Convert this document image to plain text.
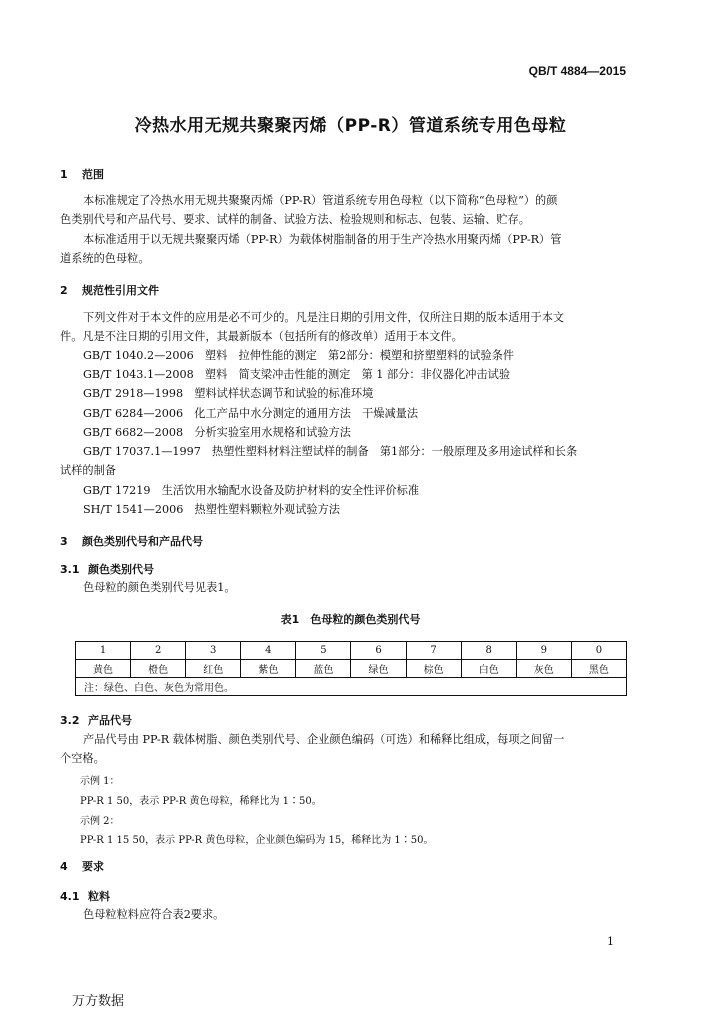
QB/T 4884—2015
冷热水用无规共聚聚丙烯（PP-R）管道系统专用色母粒
1 范围
本标准规定了冷热水用无规共聚聚丙烯（PP-R）管道系统专用色母粒（以下简称“色母粒”）的颜
色类别代号和产品代号、要求、试样的制备、试验方法、检验规则和标志、包装、运输、贮存。
本标准适用于以无规共聚聚丙烯（PP-R）为载体树脂制备的用于生产冷热水用聚丙烯（PP-R）管
道系统的色母粒。
2 规范性引用文件
下列文件对于本文件的应用是必不可少的。凡是注日期的引用文件，仅所注日期的版本适用于本文
件。凡是不注日期的引用文件，其最新版本（包括所有的修改单）适用于本文件。
GB/T 1040.2—2006　塑料　拉伸性能的测定　第2部分：模塑和挤塑塑料的试验条件
GB/T 1043.1—2008　塑料　简支梁冲击性能的测定　第 1 部分：非仪器化冲击试验
GB/T 2918—1998　塑料试样状态调节和试验的标准环境
GB/T 6284—2006　化工产品中水分测定的通用方法　干燥减量法
GB/T 6682—2008　分析实验室用水规格和试验方法
GB/T 17037.1—1997　热塑性塑料材料注塑试样的制备　第1部分：一般原理及多用途试样和长条
试样的制备
GB/T 17219　生活饮用水输配水设备及防护材料的安全性评价标准
SH/T 1541—2006　热塑性塑料颗粒外观试验方法
3 颜色类别代号和产品代号
3.1 颜色类别代号
色母粒的颜色类别代号见表1。
表1　色母粒的颜色类别代号
1	2	3	4	5	6	7	8	9	0
黄色	橙色	红色	紫色	蓝色	绿色	棕色	白色	灰色	黑色
注：绿色、白色、灰色为常用色。									
3.2 产品代号
产品代号由 PP-R 载体树脂、颜色类别代号、企业颜色编码（可选）和稀释比组成，每项之间留一
个空格。
示例 1：
PP-R 1 50，表示 PP-R 黄色母粒，稀释比为 1∶50。
示例 2：
PP-R 1 15 50，表示 PP-R 黄色母粒，企业颜色编码为 15，稀释比为 1∶50。
4 要求
4.1 粒料
色母粒粒料应符合表2要求。
1
万方数据
